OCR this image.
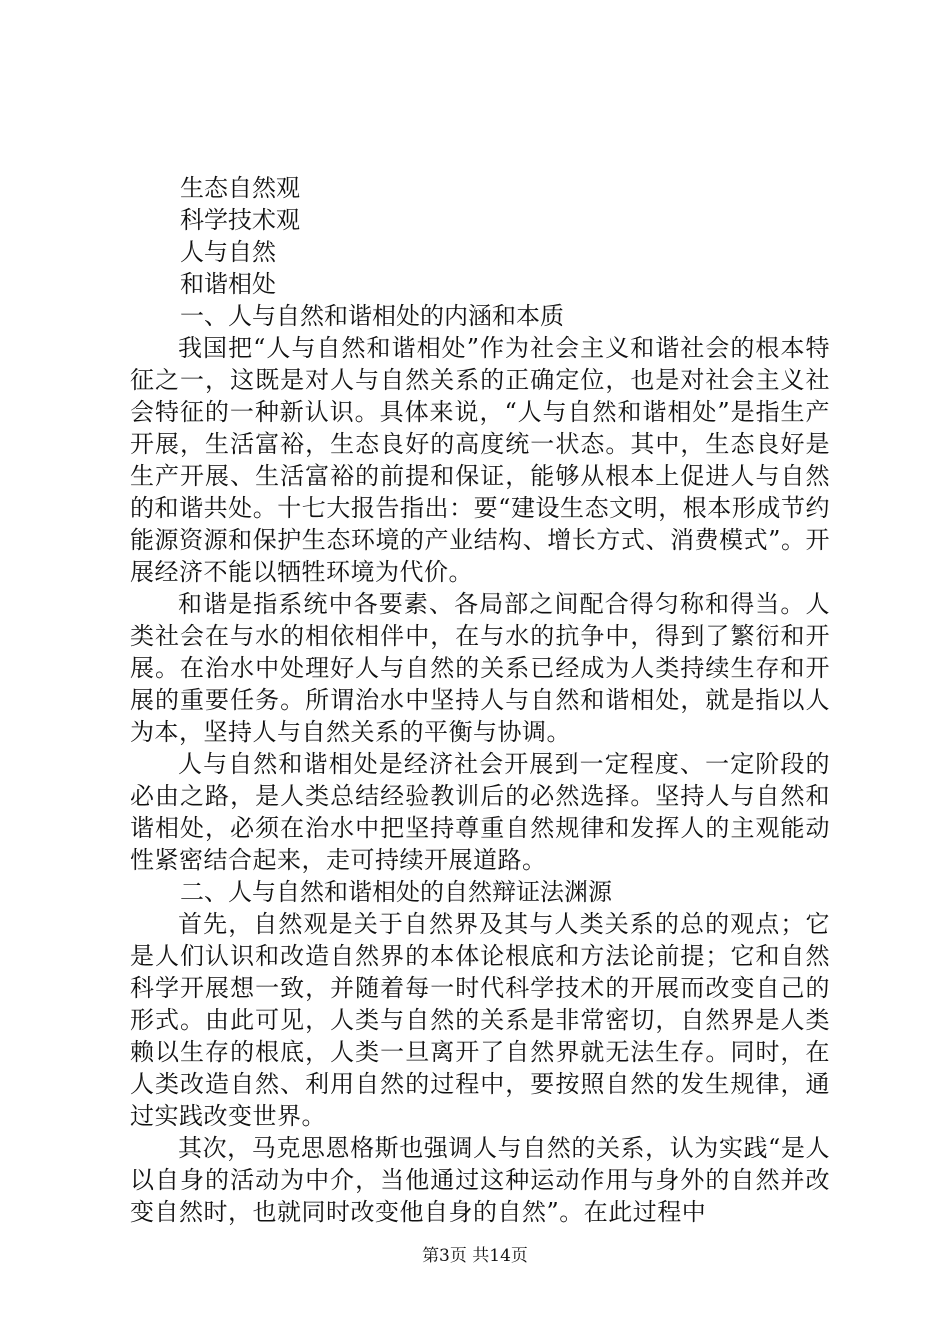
生态自然观
科学技术观
人与自然
和谐相处
一、人与自然和谐相处的内涵和本质

我国把“人与自然和谐相处”作为社会主义和谐社会的根本特征之一，这既是对人与自然关系的正确定位，也是对社会主义社会特征的一种新认识。具体来说，“人与自然和谐相处”是指生产开展，生活富裕，生态良好的高度统一状态。其中，生态良好是生产开展、生活富裕的前提和保证，能够从根本上促进人与自然的和谐共处。十七大报告指出：要“建设生态文明，根本形成节约能源资源和保护生态环境的产业结构、增长方式、消费模式”。开展经济不能以牺牲环境为代价。

和谐是指系统中各要素、各局部之间配合得匀称和得当。人类社会在与水的相依相伴中，在与水的抗争中，得到了繁衍和开展。在治水中处理好人与自然的关系已经成为人类持续生存和开展的重要任务。所谓治水中坚持人与自然和谐相处，就是指以人为本，坚持人与自然关系的平衡与协调。

人与自然和谐相处是经济社会开展到一定程度、一定阶段的必由之路，是人类总结经验教训后的必然选择。坚持人与自然和谐相处，必须在治水中把坚持尊重自然规律和发挥人的主观能动性紧密结合起来，走可持续开展道路。

二、人与自然和谐相处的自然辩证法渊源

首先，自然观是关于自然界及其与人类关系的总的观点；它是人们认识和改造自然界的本体论根底和方法论前提；它和自然科学开展想一致，并随着每一时代科学技术的开展而改变自己的形式。由此可见，人类与自然的关系是非常密切，自然界是人类赖以生存的根底，人类一旦离开了自然界就无法生存。同时，在人类改造自然、利用自然的过程中，要按照自然的发生规律，通过实践改变世界。

其次，马克思恩格斯也强调人与自然的关系，认为实践“是人以自身的活动为中介，当他通过这种运动作用与身外的自然并改变自然时，也就同时改变他自身的自然”。在此过程中

第3页 共14页
